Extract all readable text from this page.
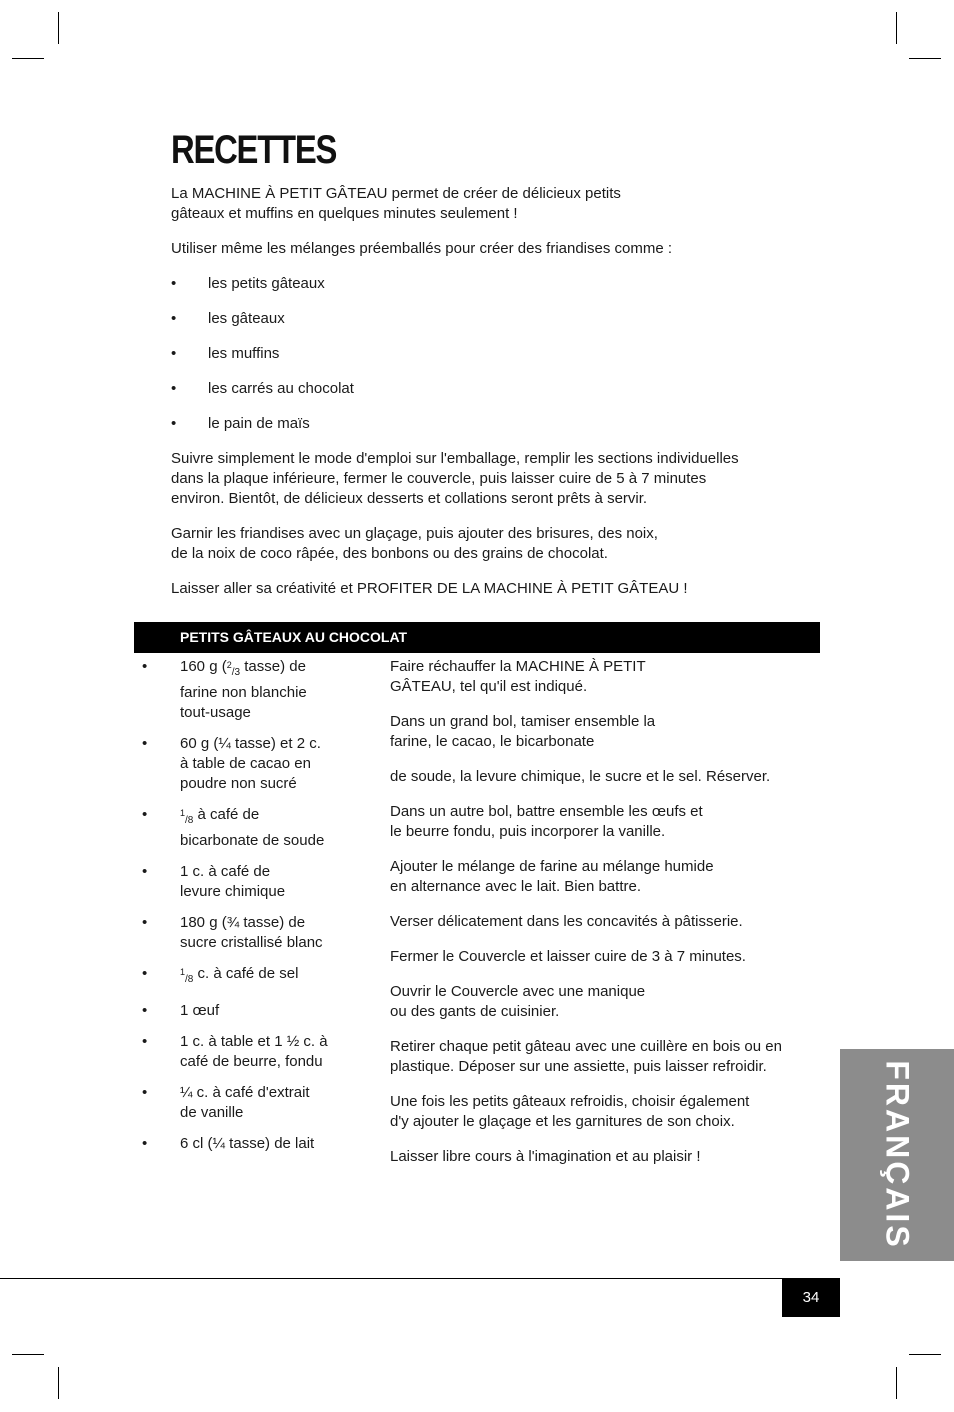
RECETTES

La MACHINE À PETIT GÂTEAU permet de créer de délicieux petits
gâteaux et muffins en quelques minutes seulement !

Utiliser même les mélanges préemballés pour créer des friandises comme :

• les petits gâteaux
• les gâteaux
• les muffins
• les carrés au chocolat
• le pain de maïs

Suivre simplement le mode d'emploi sur l'emballage, remplir les sections individuelles
dans la plaque inférieure, fermer le couvercle, puis laisser cuire de 5 à 7 minutes
environ. Bientôt, de délicieux desserts et collations seront prêts à servir.

Garnir les friandises avec un glaçage, puis ajouter des brisures, des noix,
de la noix de coco râpée, des bonbons ou des grains de chocolat.

Laisser aller sa créativité et PROFITER DE LA MACHINE À PETIT GÂTEAU !

PETITS GÂTEAUX AU CHOCOLAT
• 160 g ($^2_{/3}$ tasse) de
farine non blanchie
tout-usage
• 60 g (¼ tasse) et 2 c.
à table de cacao en
poudre non sucré
•	$^1_{/8}$ à café de
bicarbonate de soude
• 1 c. à café de
levure chimique
• 180 g (¾ tasse) de
sucre cristallisé blanc
•	$^1_{/8}$ c. à café de sel
• 1 œuf
• 1 c. à table et 1 ½ c. à
café de beurre, fondu
• ¼ c. à café d'extrait
de vanille
• 6 cl (¼ tasse) de lait

Faire réchauffer la MACHINE À PETIT
GÂTEAU, tel qu'il est indiqué.

Dans un grand bol, tamiser ensemble la
farine, le cacao, le bicarbonate

de soude, la levure chimique, le sucre et le sel. Réserver.

Dans un autre bol, battre ensemble les œufs et
le beurre fondu, puis incorporer la vanille.

Ajouter le mélange de farine au mélange humide
en alternance avec le lait. Bien battre.

Verser délicatement dans les concavités à pâtisserie.

Fermer le Couvercle et laisser cuire de 3 à 7 minutes.

Ouvrir le Couvercle avec une manique
ou des gants de cuisinier.

Retirer chaque petit gâteau avec une cuillère en bois ou en
plastique. Déposer sur une assiette, puis laisser refroidir.

Une fois les petits gâteaux refroidis, choisir également
d'y ajouter le glaçage et les garnitures de son choix.

Laisser libre cours à l'imagination et au plaisir !	FRANÇAIS
34
